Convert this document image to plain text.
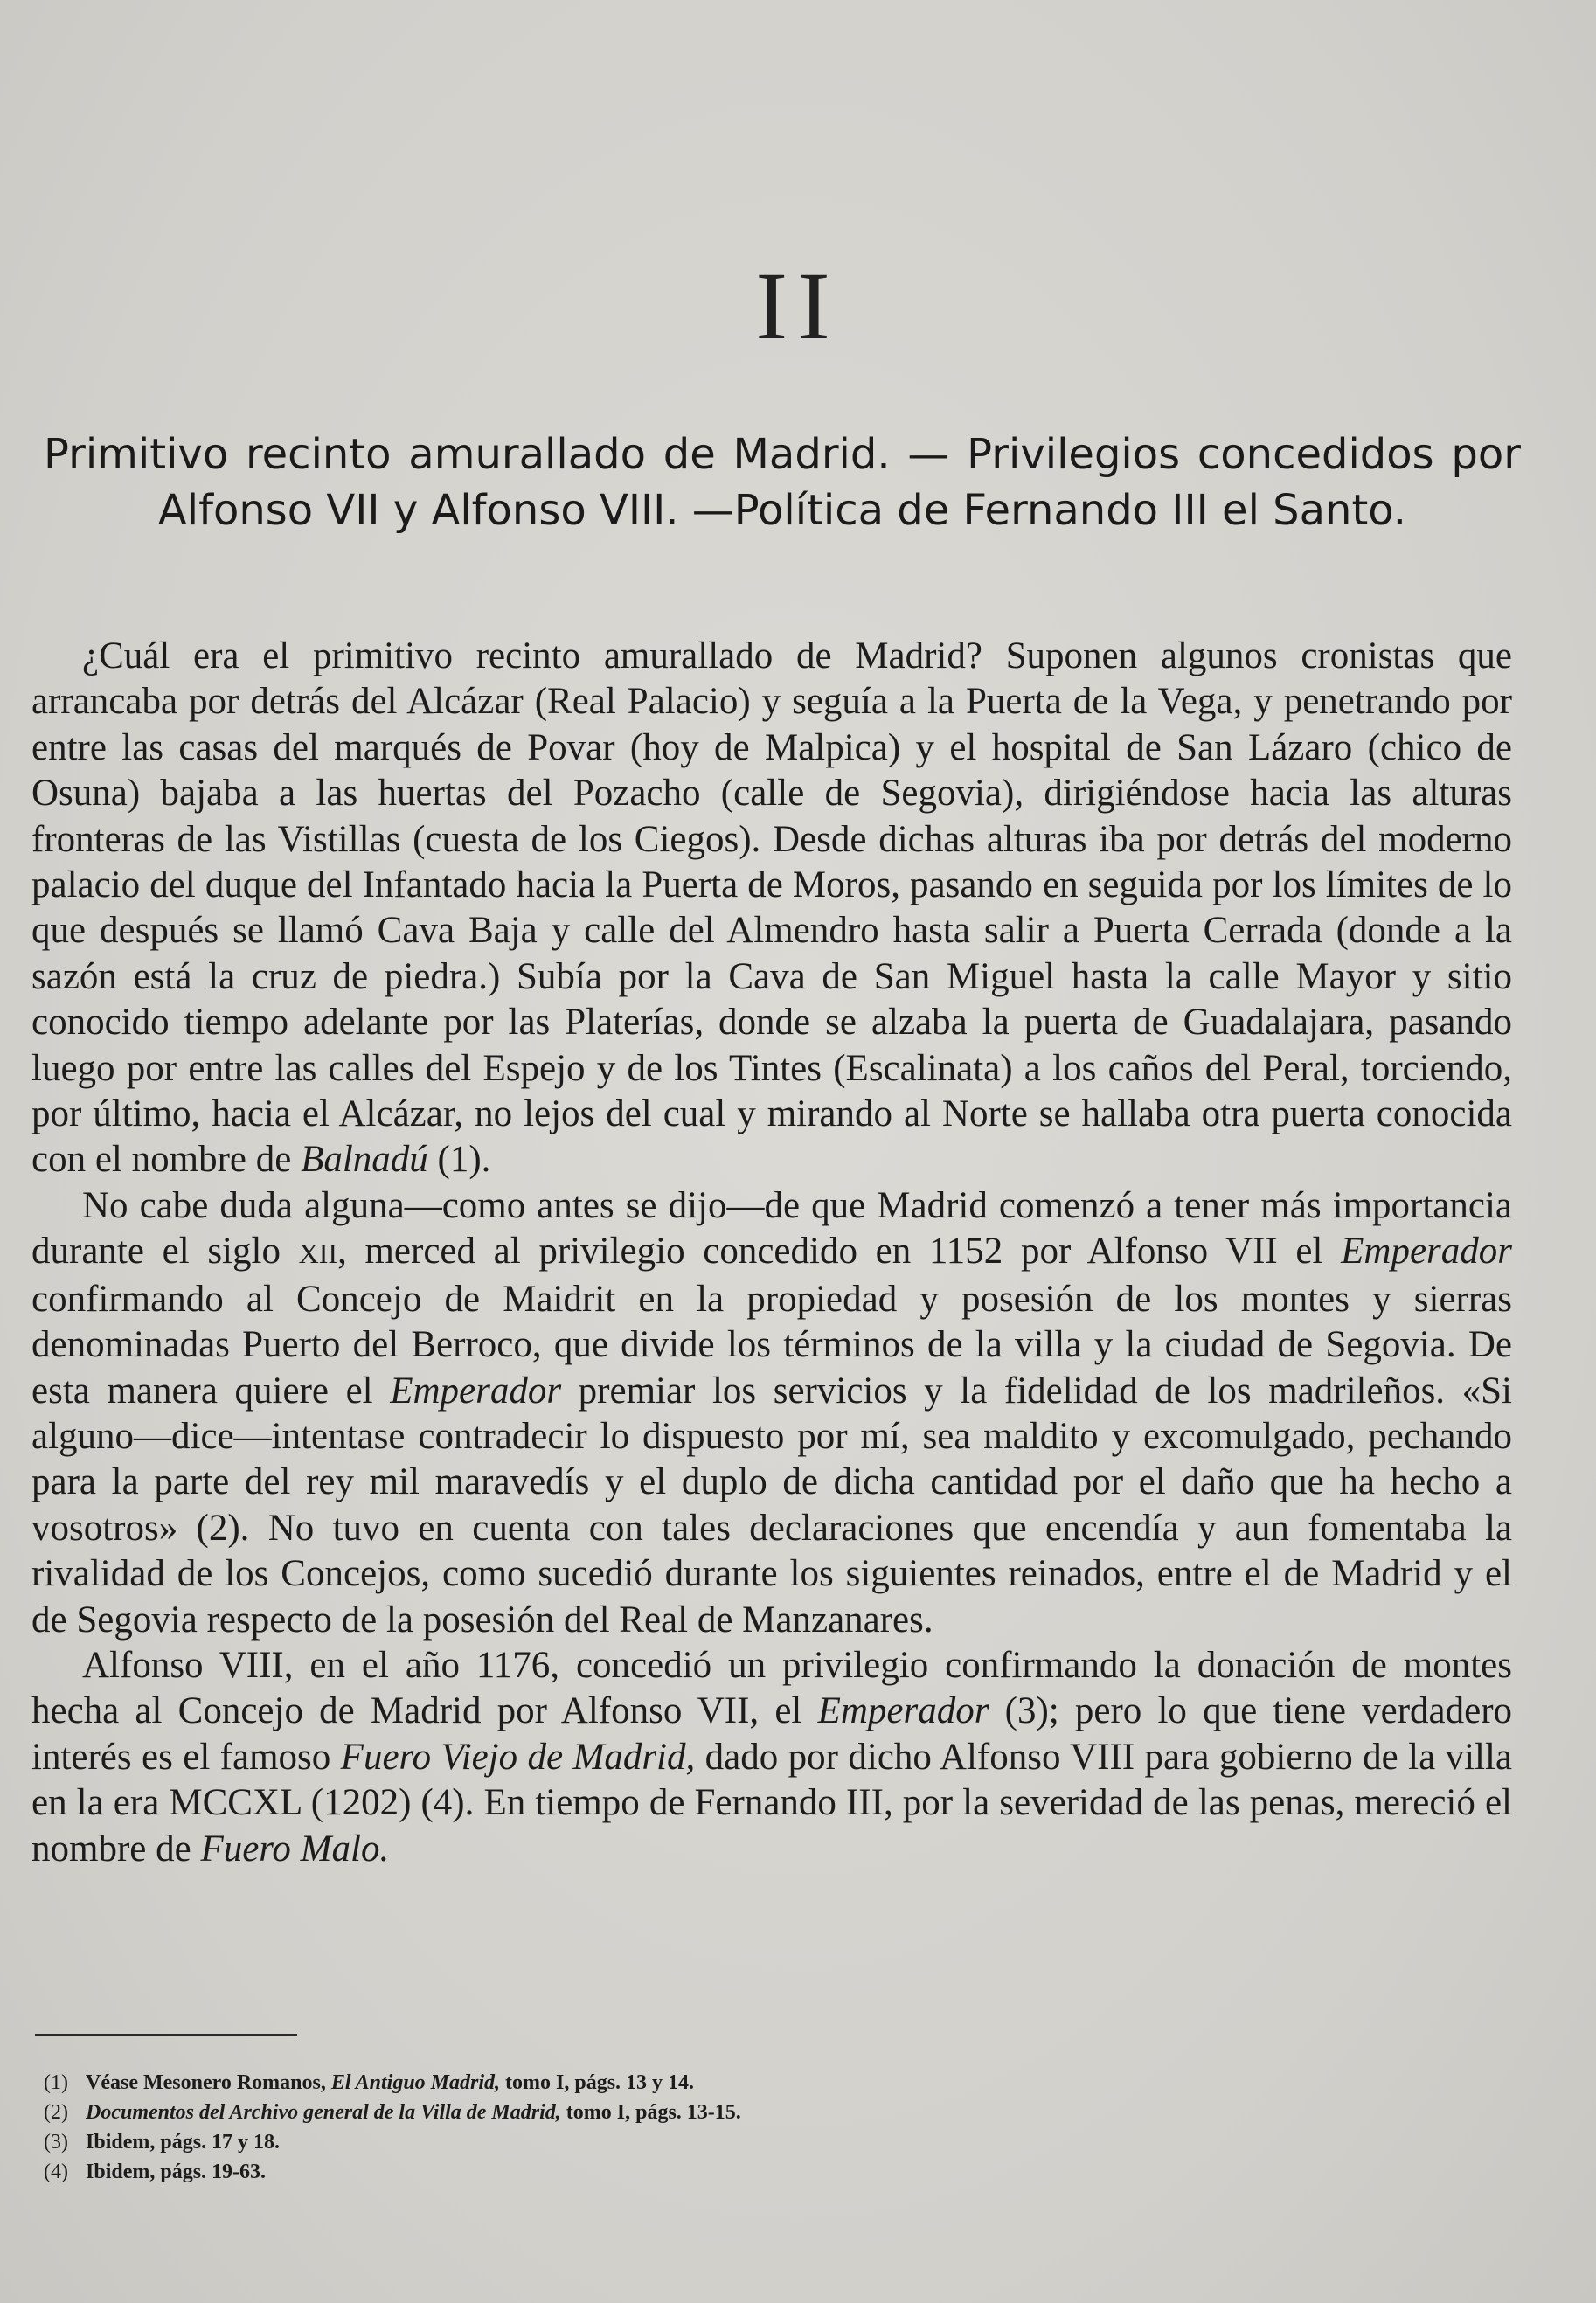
II
Primitivo recinto amurallado de Madrid. — Privilegios concedidos por Alfonso VII y Alfonso VIII. —Política de Fernando III el Santo.

¿Cuál era el primitivo recinto amurallado de Madrid? Suponen algunos cronistas que arrancaba por detrás del Alcázar (Real Palacio) y seguía a la Puerta de la Vega, y penetrando por entre las casas del marqués de Povar (hoy de Malpica) y el hospital de San Lázaro (chico de Osuna) bajaba a las huertas del Pozacho (calle de Segovia), dirigiéndose hacia las alturas fronteras de las Vistillas (cuesta de los Ciegos). Desde dichas alturas iba por detrás del moderno palacio del duque del Infantado hacia la Puerta de Moros, pasando en seguida por los límites de lo que después se llamó Cava Baja y calle del Almendro hasta salir a Puerta Cerrada (donde a la sazón está la cruz de piedra.) Subía por la Cava de San Miguel hasta la calle Mayor y sitio conocido tiempo adelante por las Platerías, donde se alzaba la puerta de Guadalajara, pasando luego por entre las calles del Espejo y de los Tintes (Escalinata) a los caños del Peral, torciendo, por último, hacia el Alcázar, no lejos del cual y mirando al Norte se hallaba otra puerta conocida con el nombre de Balnadú (1).

No cabe duda alguna—como antes se dijo—de que Madrid comenzó a tener más importancia durante el siglo XII, merced al privilegio concedido en 1152 por Alfonso VII el Emperador confirmando al Concejo de Maidrit en la propiedad y posesión de los montes y sierras denominadas Puerto del Berroco, que divide los términos de la villa y la ciudad de Segovia. De esta manera quiere el Emperador premiar los servicios y la fidelidad de los madrileños. «Si alguno—dice—intentase contradecir lo dispuesto por mí, sea maldito y excomulgado, pechando para la parte del rey mil maravedís y el duplo de dicha cantidad por el daño que ha hecho a vosotros» (2). No tuvo en cuenta con tales declaraciones que encendía y aun fomentaba la rivalidad de los Concejos, como sucedió durante los siguientes reinados, entre el de Madrid y el de Segovia respecto de la posesión del Real de Manzanares.

Alfonso VIII, en el año 1176, concedió un privilegio confirmando la donación de montes hecha al Concejo de Madrid por Alfonso VII, el Emperador (3); pero lo que tiene verdadero interés es el famoso Fuero Viejo de Madrid, dado por dicho Alfonso VIII para gobierno de la villa en la era MCCXL (1202) (4). En tiempo de Fernando III, por la severidad de las penas, mereció el nombre de Fuero Malo.

(1) Véase Mesonero Romanos, El Antiguo Madrid, tomo I, págs. 13 y 14.
(2) Documentos del Archivo general de la Villa de Madrid, tomo I, págs. 13-15.
(3) Ibidem, págs. 17 y 18.
(4) Ibidem, págs. 19-63.
